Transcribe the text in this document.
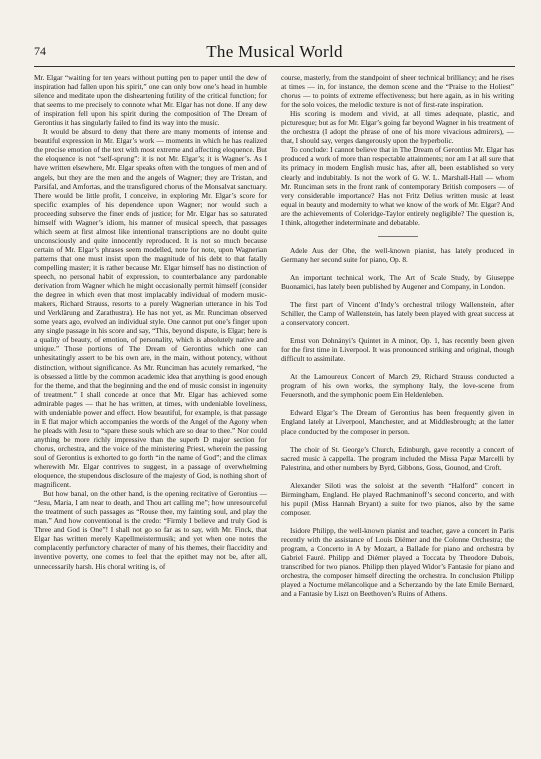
74	The Musical World

Mr. Elgar “waiting for ten years without putting pen to paper until the dew of inspiration had fallen upon his spirit,” one can only bow one’s head in humble silence and meditate upon the disheartening futility of the critical function; for that seems to me precisely to connote what Mr. Elgar has not done. If any dew of inspiration fell upon his spirit during the composition of The Dream of Gerontius it has singularly failed to find its way into the music.

It would be absurd to deny that there are many moments of intense and beautiful expression in Mr. Elgar’s work — moments in which he has realized the precise emotion of the text with most extreme and affecting eloquence. But the eloquence is not “self-sprung”: it is not Mr. Elgar’s; it is Wagner’s. As I have written elsewhere, Mr. Elgar speaks often with the tongues of men and of angels, but they are the men and the angels of Wagner; they are Tristan, and Parsifal, and Amfortas, and the transfigured chorus of the Monsalvat sanctuary. There would be little profit, I conceive, in exploring Mr. Elgar’s score for specific examples of his dependence upon Wagner; nor would such a proceeding subserve the finer ends of justice; for Mr. Elgar has so saturated himself with Wagner’s idiom, his manner of musical speech, that passages which seem at first almost like intentional transcriptions are no doubt quite unconsciously and quite innocently reproduced. It is not so much because certain of Mr. Elgar’s phrases seem modelled, note for note, upon Wagnerian patterns that one must insist upon the magnitude of his debt to that fatally compelling master; it is rather because Mr. Elgar himself has no distinction of speech, no personal habit of expression, to counterbalance any pardonable derivation from Wagner which he might occasionally permit himself (consider the degree in which even that most implacably individual of modern music-makers, Richard Strauss, resorts to a purely Wagnerian utterance in his Tod und Verklärung and Zarathustra). He has not yet, as Mr. Runciman observed some years ago, evolved an individual style. One cannot put one’s finger upon any single passage in his score and say, “This, beyond dispute, is Elgar; here is a quality of beauty, of emotion, of personality, which is absolutely native and unique.” Those portions of The Dream of Gerontius which one can unhesitatingly assert to be his own are, in the main, without potency, without distinction, without significance. As Mr. Runciman has acutely remarked, “he is obsessed a little by the common academic idea that anything is good enough for the theme, and that the beginning and the end of music consist in ingenuity of treatment.” I shall concede at once that Mr. Elgar has achieved some admirable pages — that he has written, at times, with undeniable loveliness, with undeniable power and effect. How beautiful, for example, is that passage in E flat major which accompanies the words of the Angel of the Agony when he pleads with Jesu to “spare these souls which are so dear to thee.” Nor could anything be more richly impressive than the superb D major section for chorus, orchestra, and the voice of the ministering Priest, wherein the passing soul of Gerontius is exhorted to go forth “in the name of God”; and the climax wherewith Mr. Elgar contrives to suggest, in a passage of overwhelming eloquence, the stupendous disclosure of the majesty of God, is nothing short of magnificent.

But how banal, on the other hand, is the opening recitative of Gerontius — “Jesu, Maria, I am near to death, and Thou art calling me”; how unresourceful the treatment of such passages as “Rouse thee, my fainting soul, and play the man.” And how conventional is the credo: “Firmly I believe and truly God is Three and God is One”! I shall not go so far as to say, with Mr. Finck, that Elgar has written merely Kapellmeistermusik; and yet when one notes the complacently perfunctory character of many of his themes, their flaccidity and inventive poverty, one comes to feel that the epithet may not be, after all, unnecessarily harsh. His choral writing is, of

course, masterly, from the standpoint of sheer technical brilliancy; and he rises at times — in, for instance, the demon scene and the “Praise to the Holiest” chorus — to points of extreme effectiveness; but here again, as in his writing for the solo voices, the melodic texture is not of first-rate inspiration.

His scoring is modern and vivid, at all times adequate, plastic, and picturesque; but as for Mr. Elgar’s going far beyond Wagner in his treatment of the orchestra (I adopt the phrase of one of his more vivacious admirers), — that, I should say, verges dangerously upon the hyperbolic.

To conclude: I cannot believe that in The Dream of Gerontius Mr. Elgar has produced a work of more than respectable attainments; nor am I at all sure that its primacy in modern English music has, after all, been established so very clearly and indubitably. Is not the work of G. W. L. Marshall-Hall — whom Mr. Runciman sets in the front rank of contemporary British composers — of very considerable importance? Has not Fritz Delius written music at least equal in beauty and modernity to what we know of the work of Mr. Elgar? And are the achievements of Coleridge-Taylor entirely negligible? The question is, I think, altogether indeterminate and debatable.

Adele Aus der Ohe, the well-known pianist, has lately produced in Germany her second suite for piano, Op. 8.

An important technical work, The Art of Scale Study, by Giuseppe Buonamici, has lately been published by Augener and Company, in London.

The first part of Vincent d’Indy’s orchestral trilogy Wallenstein, after Schiller, the Camp of Wallenstein, has lately been played with great success at a conservatory concert.

Ernst von Dohnányi’s Quintet in A minor, Op. 1, has recently been given for the first time in Liverpool. It was pronounced striking and original, though difficult to assimilate.

At the Lamoureux Concert of March 29, Richard Strauss conducted a program of his own works, the symphony Italy, the love-scene from Feuersnoth, and the symphonic poem Ein Heldenleben.

Edward Elgar’s The Dream of Gerontius has been frequently given in England lately at Liverpool, Manchester, and at Middlesbrough; at the latter place conducted by the composer in person.

The choir of St. George’s Church, Edinburgh, gave recently a concert of sacred music à cappella. The program included the Missa Papæ Marcelli by Palestrina, and other numbers by Byrd, Gibbons, Goss, Gounod, and Croft.

Alexander Siloti was the soloist at the seventh “Halford” concert in Birmingham, England. He played Rachmaninoff’s second concerto, and with his pupil (Miss Hannah Bryant) a suite for two pianos, also by the same composer.

Isidore Philipp, the well-known pianist and teacher, gave a concert in Paris recently with the assistance of Louis Diémer and the Colonne Orchestra; the program, a Concerto in A by Mozart, a Ballade for piano and orchestra by Gabriel Fauré. Philipp and Diémer played a Toccata by Theodore Dubois, transcribed for two pianos. Philipp then played Widor’s Fantasie for piano and orchestra, the composer himself directing the orchestra. In conclusion Philipp played a Nocturne mélancolique and a Scherzando by the late Emile Bernard, and a Fantasie by Liszt on Beethoven’s Ruins of Athens.
